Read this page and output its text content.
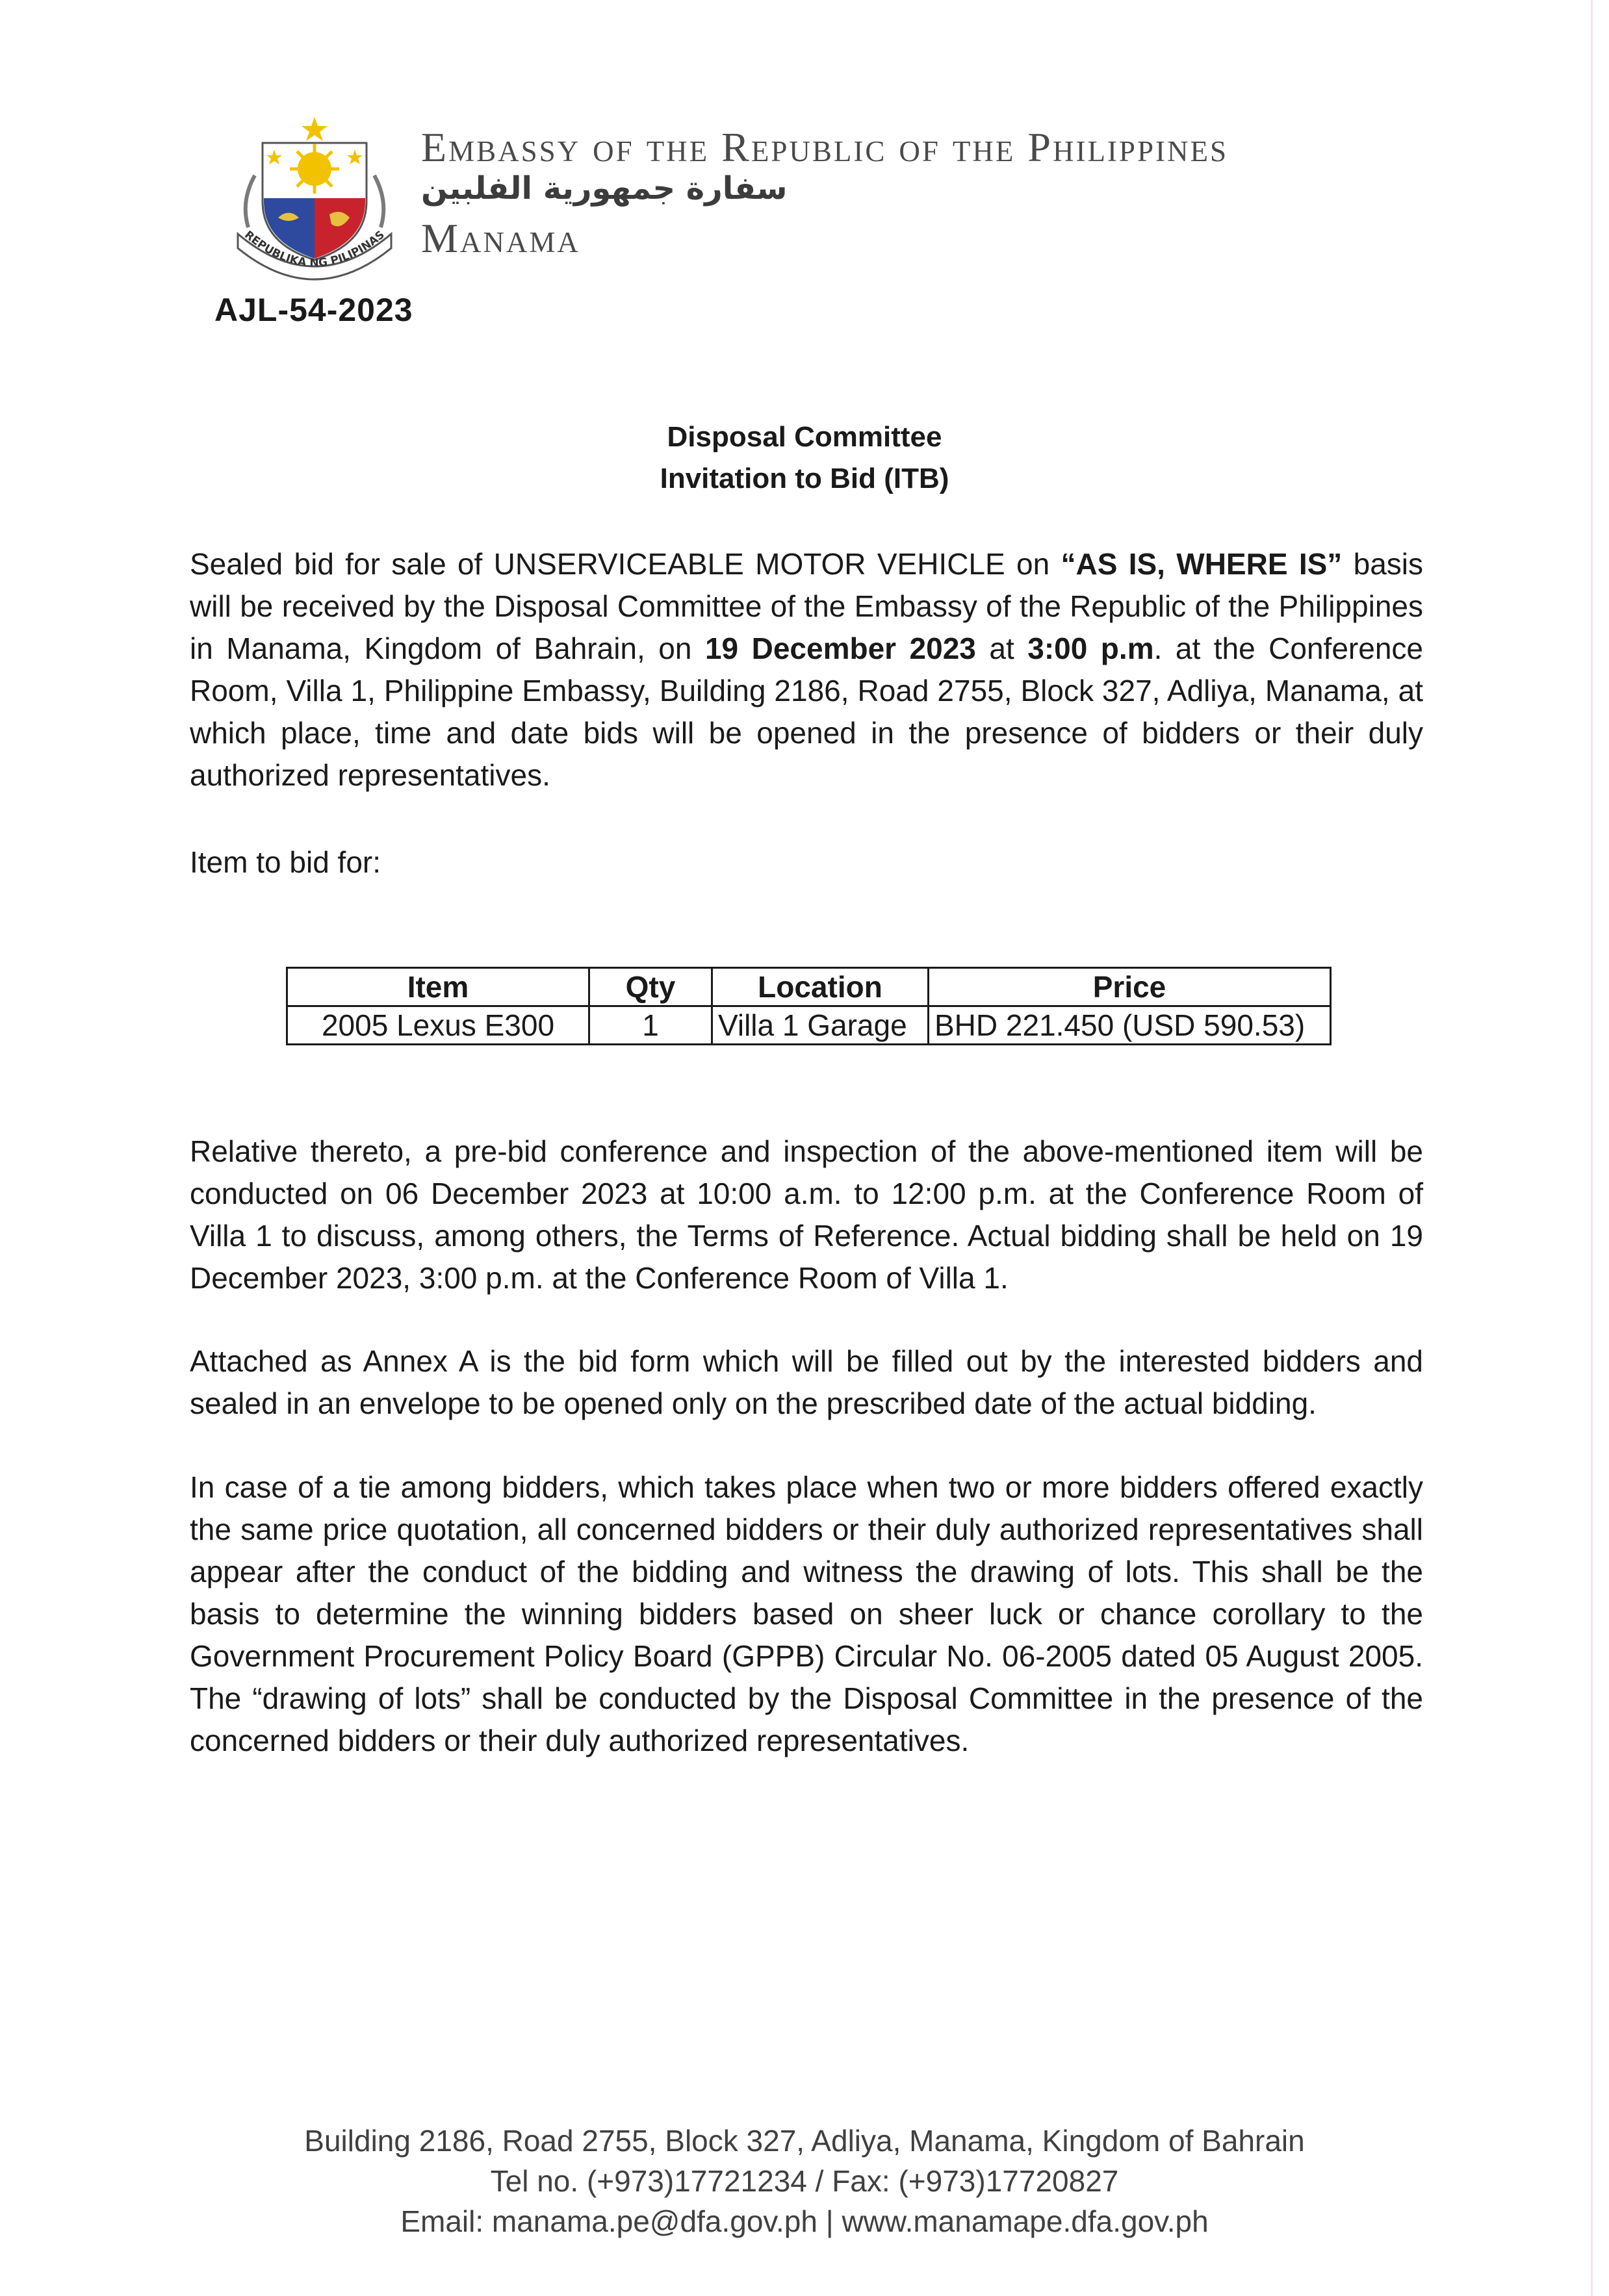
REPUBLIKA NG PILIPINAS
Embassy of the Republic of the Philippines
سفارة جمهورية الفلبين
Manama
AJL-54-2023
Disposal Committee
Invitation to Bid (ITB)

Sealed bid for sale of UNSERVICEABLE MOTOR VEHICLE on “AS IS, WHERE IS” basis will be received by the Disposal Committee of the Embassy of the Republic of the Philippines in Manama, Kingdom of Bahrain, on 19 December 2023 at 3:00 p.m. at the Conference Room, Villa 1, Philippine Embassy, Building 2186, Road 2755, Block 327, Adliya, Manama, at which place, time and date bids will be opened in the presence of bidders or their duly authorized representatives.

Item to bid for:

Item	Qty	Location	Price
2005 Lexus E300	1	Villa 1 Garage	BHD 221.450 (USD 590.53)

Relative thereto, a pre-bid conference and inspection of the above-mentioned item will be conducted on 06 December 2023 at 10:00 a.m. to 12:00 p.m. at the Conference Room of Villa 1 to discuss, among others, the Terms of Reference. Actual bidding shall be held on 19 December 2023, 3:00 p.m. at the Conference Room of Villa 1.

Attached as Annex A is the bid form which will be filled out by the interested bidders and sealed in an envelope to be opened only on the prescribed date of the actual bidding.

In case of a tie among bidders, which takes place when two or more bidders offered exactly the same price quotation, all concerned bidders or their duly authorized representatives shall appear after the conduct of the bidding and witness the drawing of lots. This shall be the basis to determine the winning bidders based on sheer luck or chance corollary to the Government Procurement Policy Board (GPPB) Circular No. 06-2005 dated 05 August 2005. The “drawing of lots” shall be conducted by the Disposal Committee in the presence of the concerned bidders or their duly authorized representatives.

Building 2186, Road 2755, Block 327, Adliya, Manama, Kingdom of Bahrain
Tel no. (+973)17721234 / Fax: (+973)17720827
Email: manama.pe@dfa.gov.ph | www.manamape.dfa.gov.ph
